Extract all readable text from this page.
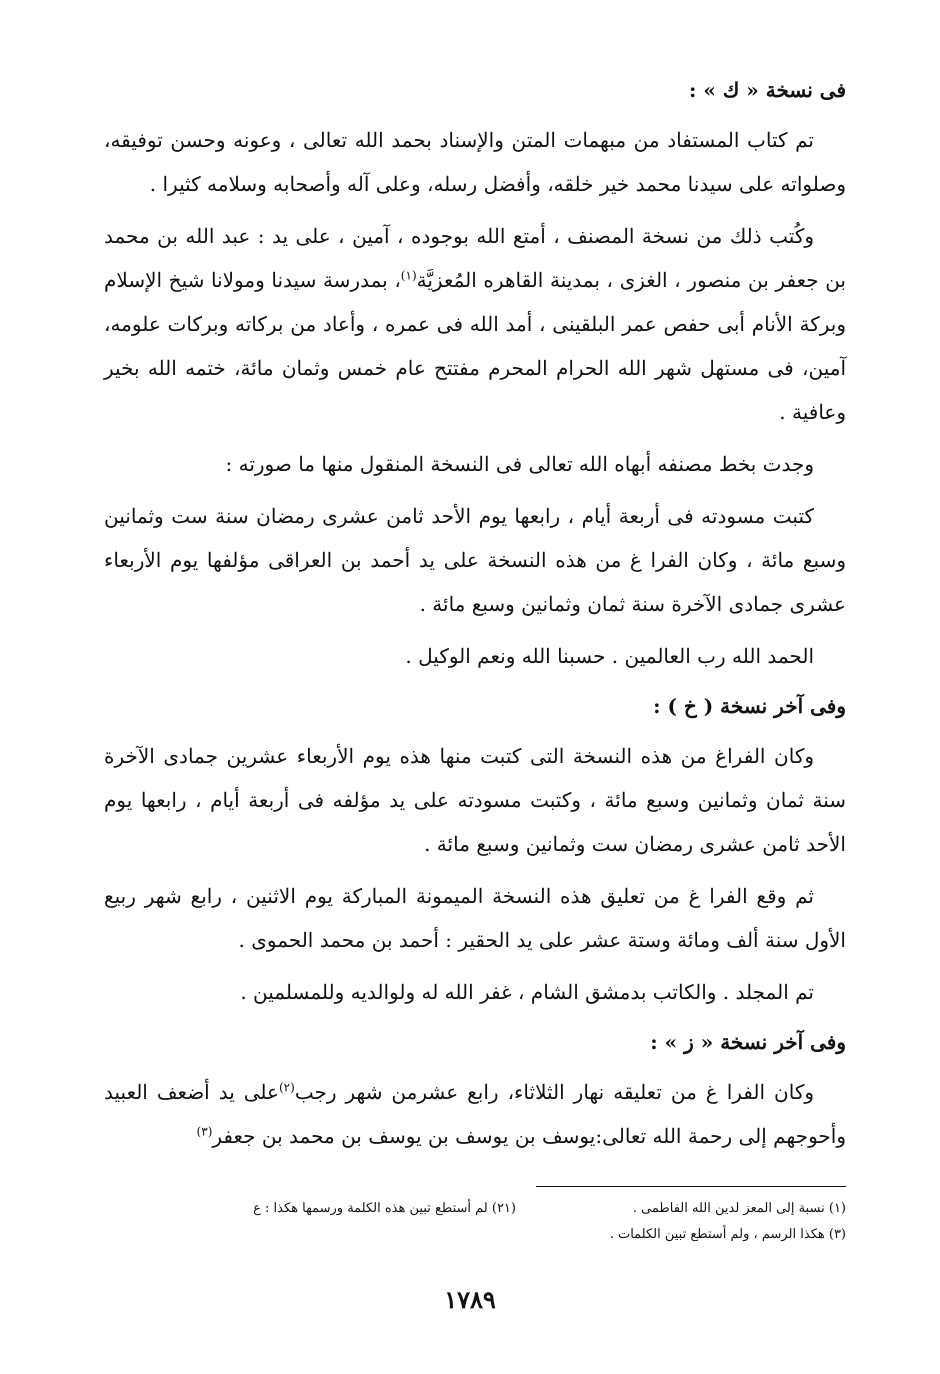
فى نسخة « ك » :

تم كتاب المستفاد من مبهمات المتن والإسناد بحمد الله تعالى ، وعونه وحسن توفيقه، وصلواته على سيدنا محمد خير خلقه، وأفضل رسله، وعلى آله وأصحابه وسلامه كثيرا .

وكُتب ذلك من نسخة المصنف ، أمتع الله بوجوده ، آمين ، على يد : عبد الله بن محمد بن جعفر بن منصور ، الغزى ، بمدينة القاهره المُعزيَّة$^{(١)}$، بمدرسة سيدنا ومولانا شيخ الإسلام وبركة الأنام أبى حفص عمر البلقينى ، أمد الله فى عمره ، وأعاد من بركاته وبركات علومه، آمين، فى مستهل شهر الله الحرام المحرم مفتتح عام خمس وثمان مائة، ختمه الله بخير وعافية .

وجدت بخط مصنفه أبهاه الله تعالى فى النسخة المنقول منها ما صورته :

كتبت مسودته فى أربعة أيام ، رابعها يوم الأحد ثامن عشرى رمضان سنة ست وثمانين وسبع مائة ، وكان الفرا غ من هذه النسخة على يد أحمد بن العراقى مؤلفها يوم الأربعاء عشرى جمادى الآخرة سنة ثمان وثمانين وسبع مائة .

الحمد الله رب العالمين . حسبنا الله ونعم الوكيل .

وفى آخر نسخة ( خ ) :

وكان الفراغ من هذه النسخة التى كتبت منها هذه يوم الأربعاء عشرين جمادى الآخرة سنة ثمان وثمانين وسبع مائة ، وكتبت مسودته على يد مؤلفه فى أربعة أيام ، رابعها يوم الأحد ثامن عشرى رمضان ست وثمانين وسبع مائة .

ثم وقع الفرا غ من تعليق هذه النسخة الميمونة المباركة يوم الاثنين ، رابع شهر ربيع الأول سنة ألف ومائة وستة عشر على يد الحقير : أحمد بن محمد الحموى .

تم المجلد . والكاتب بدمشق الشام ، غفر الله له ولوالديه وللمسلمين .

وفى آخر نسخة « ز » :

وكان الفرا غ من تعليقه نهار الثلاثاء، رابع عشرمن شهر رجب$^{(٢)}$على يد أضعف العبيد وأحوجهم إلى رحمة الله تعالى:يوسف بن يوسف بن يوسف بن محمد بن جعفر$^{(٣)}$

(١) نسبة إلى المعز لدين الله الفاطمى .
(٢١) لم أستطع تبين هذه الكلمة ورسمها هكذا : ع
(٣) هكذا الرسم ، ولم أستطع تبين الكلمات .
١٧٨٩
